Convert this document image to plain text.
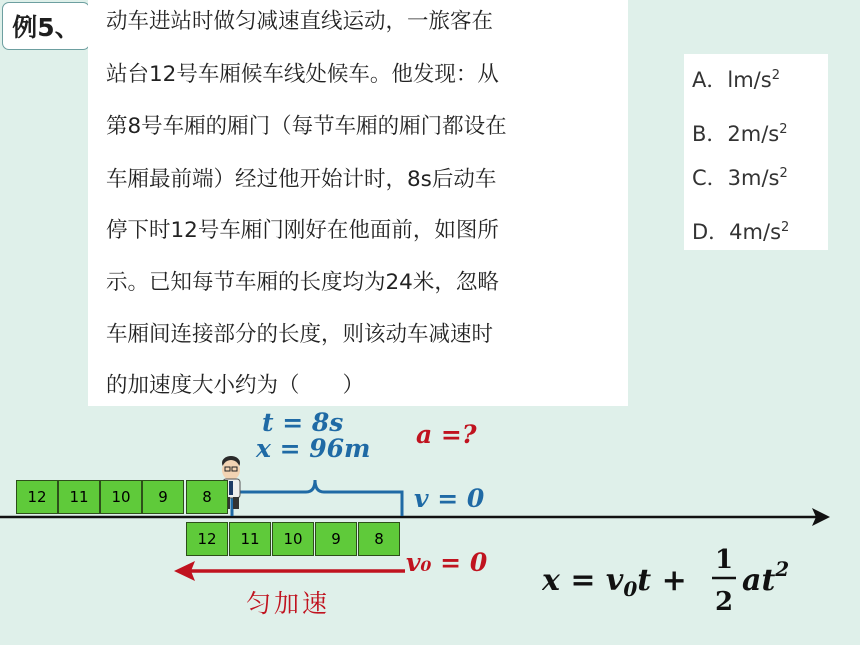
例5、	动车进站时做匀减速直线运动，一旅客在
站台12号车厢候车线处候车。他发现：从
第8号车厢的厢门（每节车厢的厢门都设在
车厢最前端）经过他开始计时，8s后动车
停下时12号车厢门刚好在他面前，如图所
示。已知每节车厢的长度均为24米，忽略
车厢间连接部分的长度，则该动车减速时
的加速度大小约为（　　）
A．$lm/s^2$
B．$2m/s^2$
C．$3m/s^2$
D．$4m/s^2$
12	11	10	9	8
12	11	10	9	8
t = 8s
x = 96m a =?
v = 0
v₀ = 0
匀加速
$x = v_0t$ +
1
2
$at^2$
